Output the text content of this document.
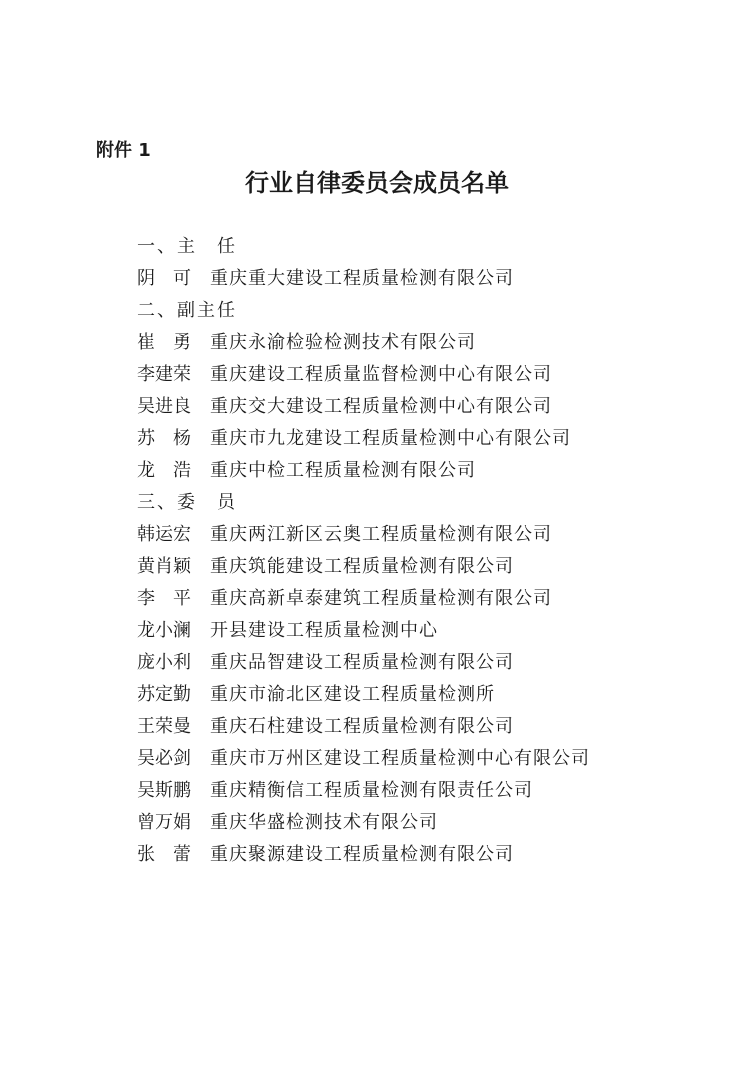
附件 1
行业自律委员会成员名单
一、主　任
阴　可 重庆重大建设工程质量检测有限公司
二、副主任
崔　勇 重庆永渝检验检测技术有限公司
李建荣 重庆建设工程质量监督检测中心有限公司
吴进良 重庆交大建设工程质量检测中心有限公司
苏　杨 重庆市九龙建设工程质量检测中心有限公司
龙　浩 重庆中检工程质量检测有限公司
三、委　员
韩运宏 重庆两江新区云奥工程质量检测有限公司
黄肖颖 重庆筑能建设工程质量检测有限公司
李　平 重庆高新卓泰建筑工程质量检测有限公司
龙小澜 开县建设工程质量检测中心
庞小利 重庆品智建设工程质量检测有限公司
苏定勤 重庆市渝北区建设工程质量检测所
王荣曼 重庆石柱建设工程质量检测有限公司
吴必剑 重庆市万州区建设工程质量检测中心有限公司
吴斯鹏 重庆精衡信工程质量检测有限责任公司
曾万娟 重庆华盛检测技术有限公司
张　蕾 重庆聚源建设工程质量检测有限公司
